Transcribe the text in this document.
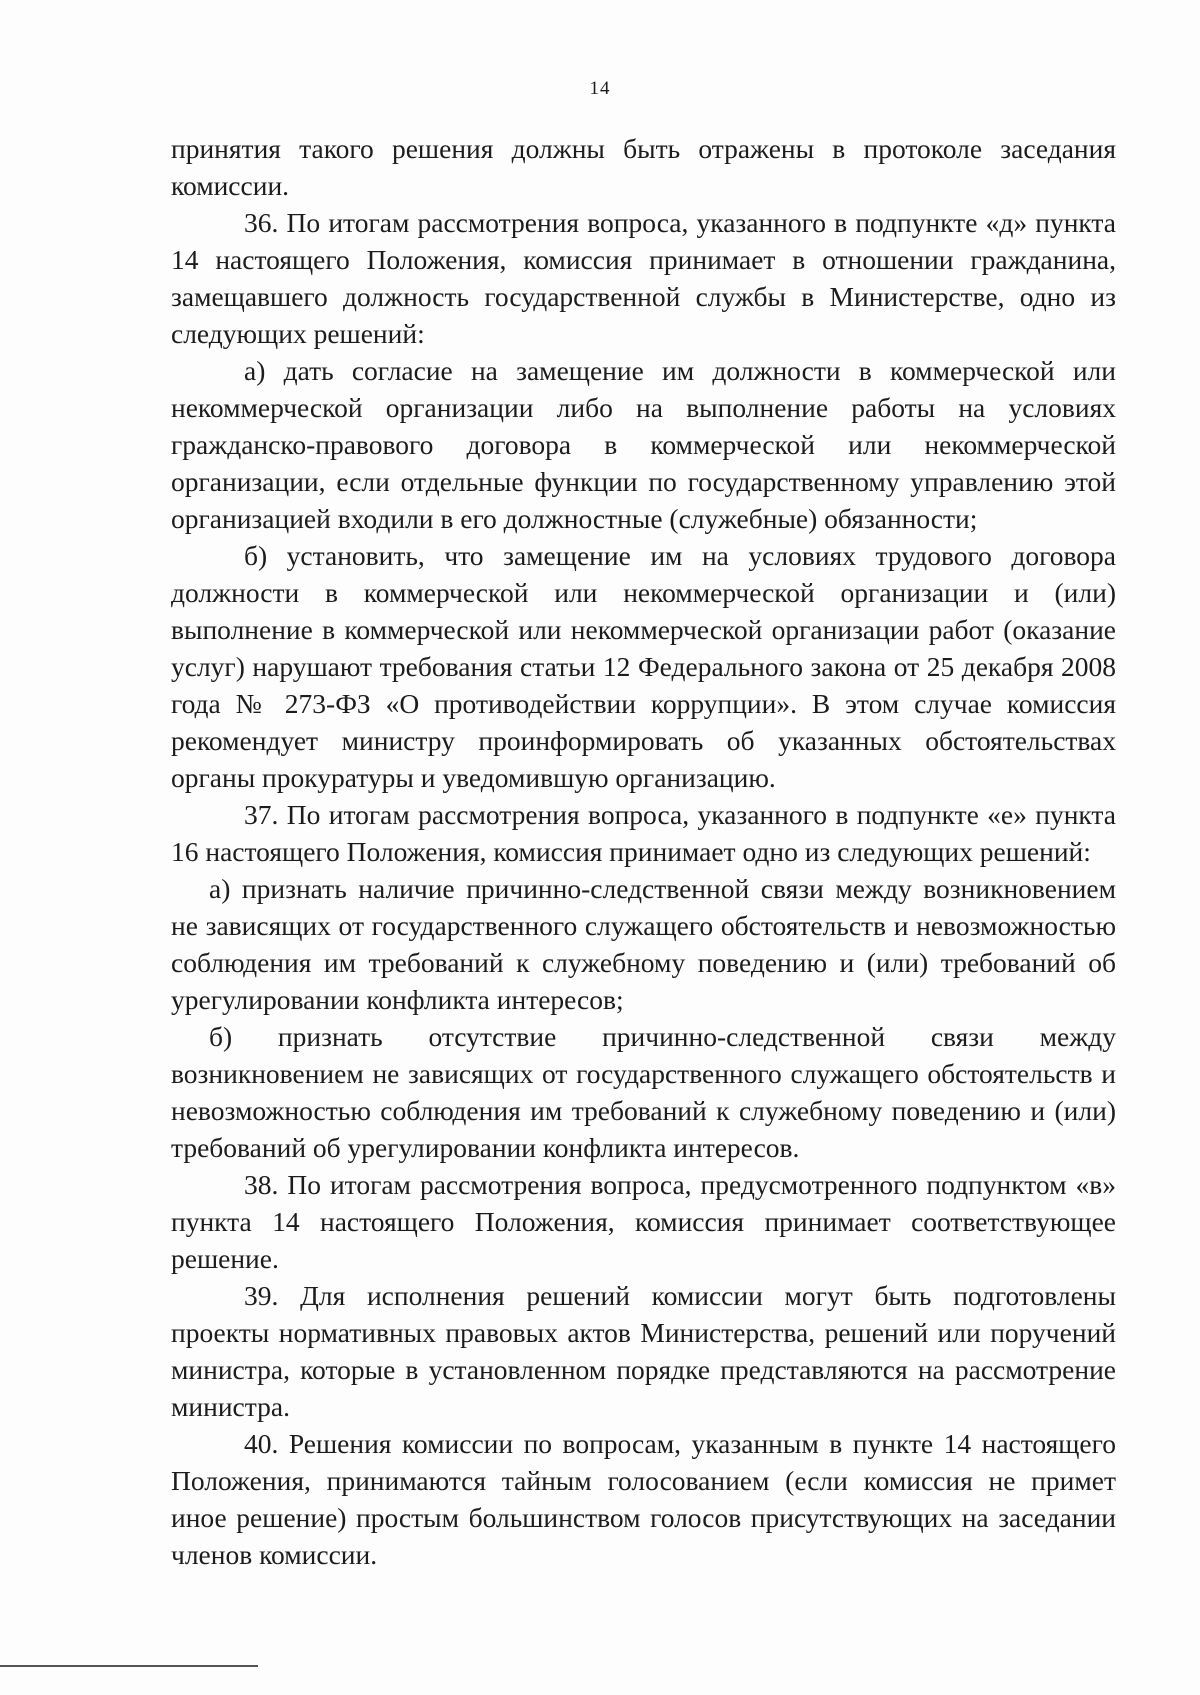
14

принятия такого решения должны быть отражены в протоколе заседания комиссии.

36. По итогам рассмотрения вопроса, указанного в подпункте «д» пункта 14 настоящего Положения, комиссия принимает в отношении гражданина, замещавшего должность государственной службы в Министерстве, одно из следующих решений:

а) дать согласие на замещение им должности в коммерческой или некоммерческой организации либо на выполнение работы на условиях гражданско-правового договора в коммерческой или некоммерческой организации, если отдельные функции по государственному управлению этой организацией входили в его должностные (служебные) обязанности;

б) установить, что замещение им на условиях трудового договора должности в коммерческой или некоммерческой организации и (или) выполнение в коммерческой или некоммерческой организации работ (оказание услуг) нарушают требования статьи 12 Федерального закона от 25 декабря 2008 года № 273-ФЗ «О противодействии коррупции». В этом случае комиссия рекомендует министру проинформировать об указанных обстоятельствах органы прокуратуры и уведомившую организацию.

37. По итогам рассмотрения вопроса, указанного в подпункте «е» пункта 16 настоящего Положения, комиссия принимает одно из следующих решений:

а) признать наличие причинно-следственной связи между возникновением не зависящих от государственного служащего обстоятельств и невозможностью соблюдения им требований к служебному поведению и (или) требований об урегулировании конфликта интересов;

б) признать отсутствие причинно-следственной связи между возникновением не зависящих от государственного служащего обстоятельств и невозможностью соблюдения им требований к служебному поведению и (или) требований об урегулировании конфликта интересов.

38. По итогам рассмотрения вопроса, предусмотренного подпунктом «в» пункта 14 настоящего Положения, комиссия принимает соответствующее решение.

39. Для исполнения решений комиссии могут быть подготовлены проекты нормативных правовых актов Министерства, решений или поручений министра, которые в установленном порядке представляются на рассмотрение министра.

40. Решения комиссии по вопросам, указанным в пункте 14 настоящего Положения, принимаются тайным голосованием (если комиссия не примет иное решение) простым большинством голосов присутствующих на заседании членов комиссии.
